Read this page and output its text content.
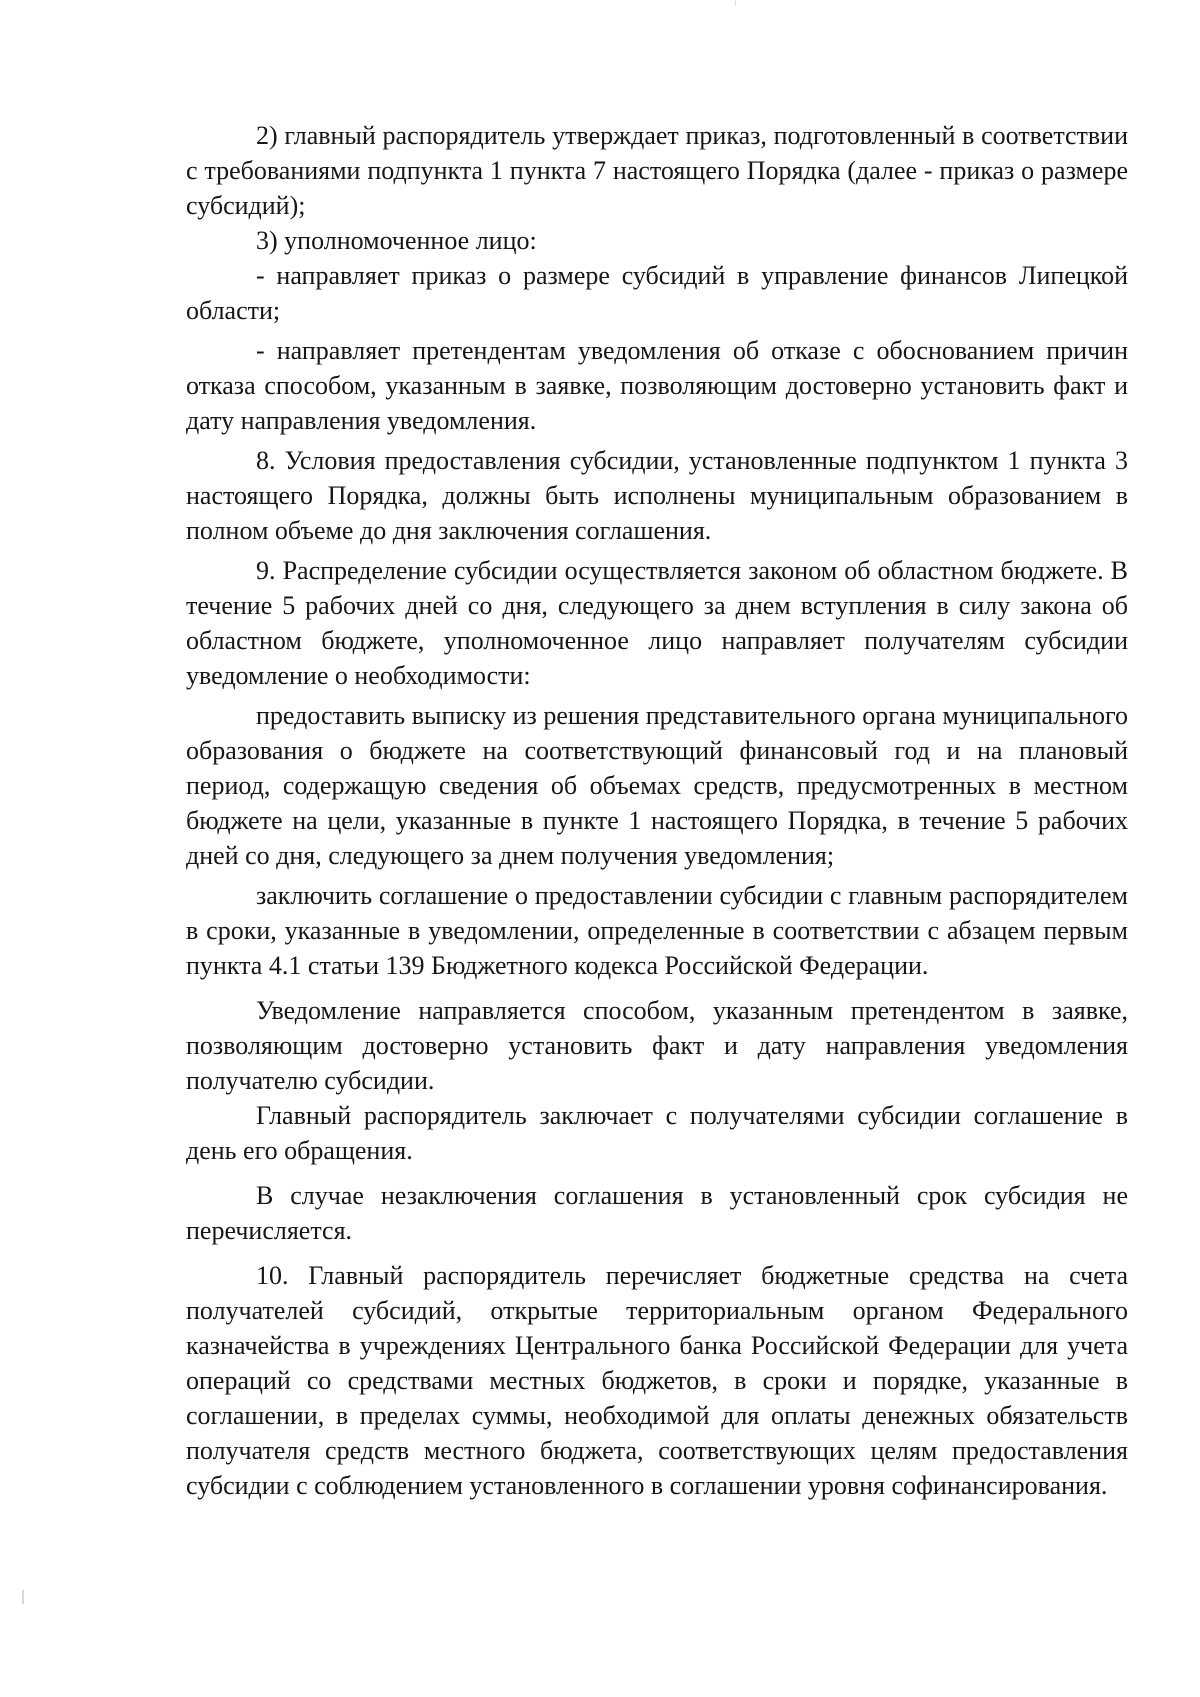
2) главный распорядитель утверждает приказ, подготовленный в соответствии с требованиями подпункта 1 пункта 7 настоящего Порядка (далее - приказ о размере субсидий);

3) уполномоченное лицо:

- направляет приказ о размере субсидий в управление финансов Липецкой области;

- направляет претендентам уведомления об отказе с обоснованием причин отказа способом, указанным в заявке, позволяющим достоверно установить факт и дату направления уведомления.

8. Условия предоставления субсидии, установленные подпунктом 1 пункта 3 настоящего Порядка, должны быть исполнены муниципальным образованием в полном объеме до дня заключения соглашения.

9. Распределение субсидии осуществляется законом об областном бюджете. В течение 5 рабочих дней со дня, следующего за днем вступления в силу закона об областном бюджете, уполномоченное лицо направляет получателям субсидии уведомление о необходимости:

предоставить выписку из решения представительного органа муниципального образования о бюджете на соответствующий финансовый год и на плановый период, содержащую сведения об объемах средств, предусмотренных в местном бюджете на цели, указанные в пункте 1 настоящего Порядка, в течение 5 рабочих дней со дня, следующего за днем получения уведомления;

заключить соглашение о предоставлении субсидии с главным распорядителем в сроки, указанные в уведомлении, определенные в соответствии с абзацем первым пункта 4.1 статьи 139 Бюджетного кодекса Российской Федерации.

Уведомление направляется способом, указанным претендентом в заявке, позволяющим достоверно установить факт и дату направления уведомления получателю субсидии.

Главный распорядитель заключает с получателями субсидии соглашение в день его обращения.

В случае незаключения соглашения в установленный срок субсидия не перечисляется.

10. Главный распорядитель перечисляет бюджетные средства на счета получателей субсидий, открытые территориальным органом Федерального казначейства в учреждениях Центрального банка Российской Федерации для учета операций со средствами местных бюджетов, в сроки и порядке, указанные в соглашении, в пределах суммы, необходимой для оплаты денежных обязательств получателя средств местного бюджета, соответствующих целям предоставления субсидии с соблюдением установленного в соглашении уровня софинансирования.
